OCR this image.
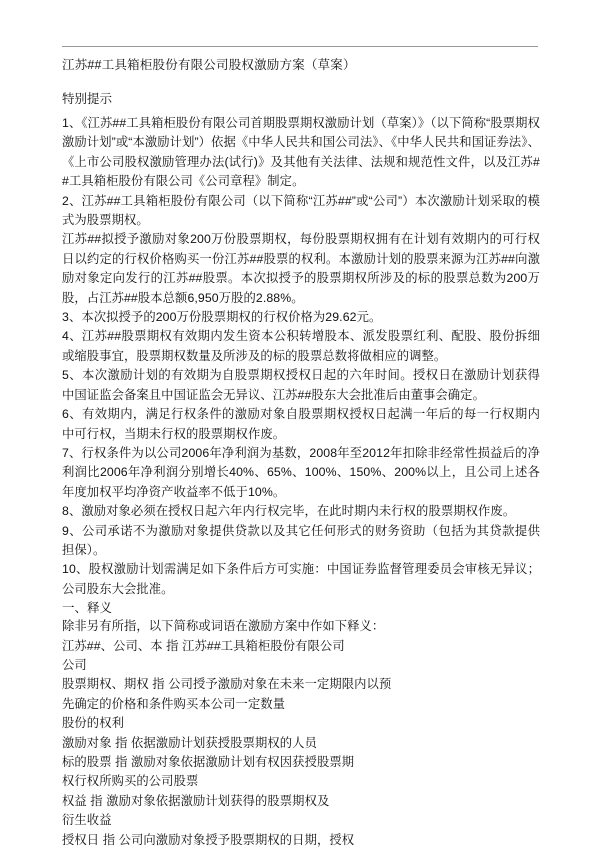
江苏##工具箱柜股份有限公司股权激励方案（草案）
特别提示

1、《江苏##工具箱柜股份有限公司首期股票期权激励计划（草案）》（以下简称“股票期权激励计划”或“本激励计划”）依据《中华人民共和国公司法》、《中华人民共和国证券法》、《上市公司股权激励管理办法(试行)》及其他有关法律、法规和规范性文件，以及江苏##工具箱柜股份有限公司《公司章程》制定。

2、江苏##工具箱柜股份有限公司（以下简称“江苏##”或“公司”）本次激励计划采取的模式为股票期权。

江苏##拟授予激励对象200万份股票期权，每份股票期权拥有在计划有效期内的可行权日以约定的行权价格购买一份江苏##股票的权利。本激励计划的股票来源为江苏##向激励对象定向发行的江苏##股票。本次拟授予的股票期权所涉及的标的股票总数为200万股，占江苏##股本总额6,950万股的2.88%。

3、本次拟授予的200万份股票期权的行权价格为29.62元。

4、江苏##股票期权有效期内发生资本公积转增股本、派发股票红利、配股、股份拆细或缩股事宜，股票期权数量及所涉及的标的股票总数将做相应的调整。

5、本次激励计划的有效期为自股票期权授权日起的六年时间。授权日在激励计划获得中国证监会备案且中国证监会无异议、江苏##股东大会批准后由董事会确定。

6、有效期内，满足行权条件的激励对象自股票期权授权日起满一年后的每一行权期内中可行权，当期未行权的股票期权作废。

7、行权条件为以公司2006年净利润为基数，2008年至2012年扣除非经常性损益后的净利润比2006年净利润分别增长40%、65%、100%、150%、200%以上，且公司上述各年度加权平均净资产收益率不低于10%。

8、激励对象必须在授权日起六年内行权完毕，在此时期内未行权的股票期权作废。

9、公司承诺不为激励对象提供贷款以及其它任何形式的财务资助（包括为其贷款提供担保）。

10、股权激励计划需满足如下条件后方可实施：中国证券监督管理委员会审核无异议；公司股东大会批准。

一、释义

除非另有所指，以下简称或词语在激励方案中作如下释义：

江苏##、公司、本 指 江苏##工具箱柜股份有限公司

公司

股票期权、期权 指 公司授予激励对象在未来一定期限内以预

先确定的价格和条件购买本公司一定数量

股份的权利

激励对象 指 依据激励计划获授股票期权的人员

标的股票 指 激励对象依据激励计划有权因获授股票期

权行权所购买的公司股票

权益 指 激励对象依据激励计划获得的股票期权及

衍生收益

授权日 指 公司向激励对象授予股票期权的日期，授权
